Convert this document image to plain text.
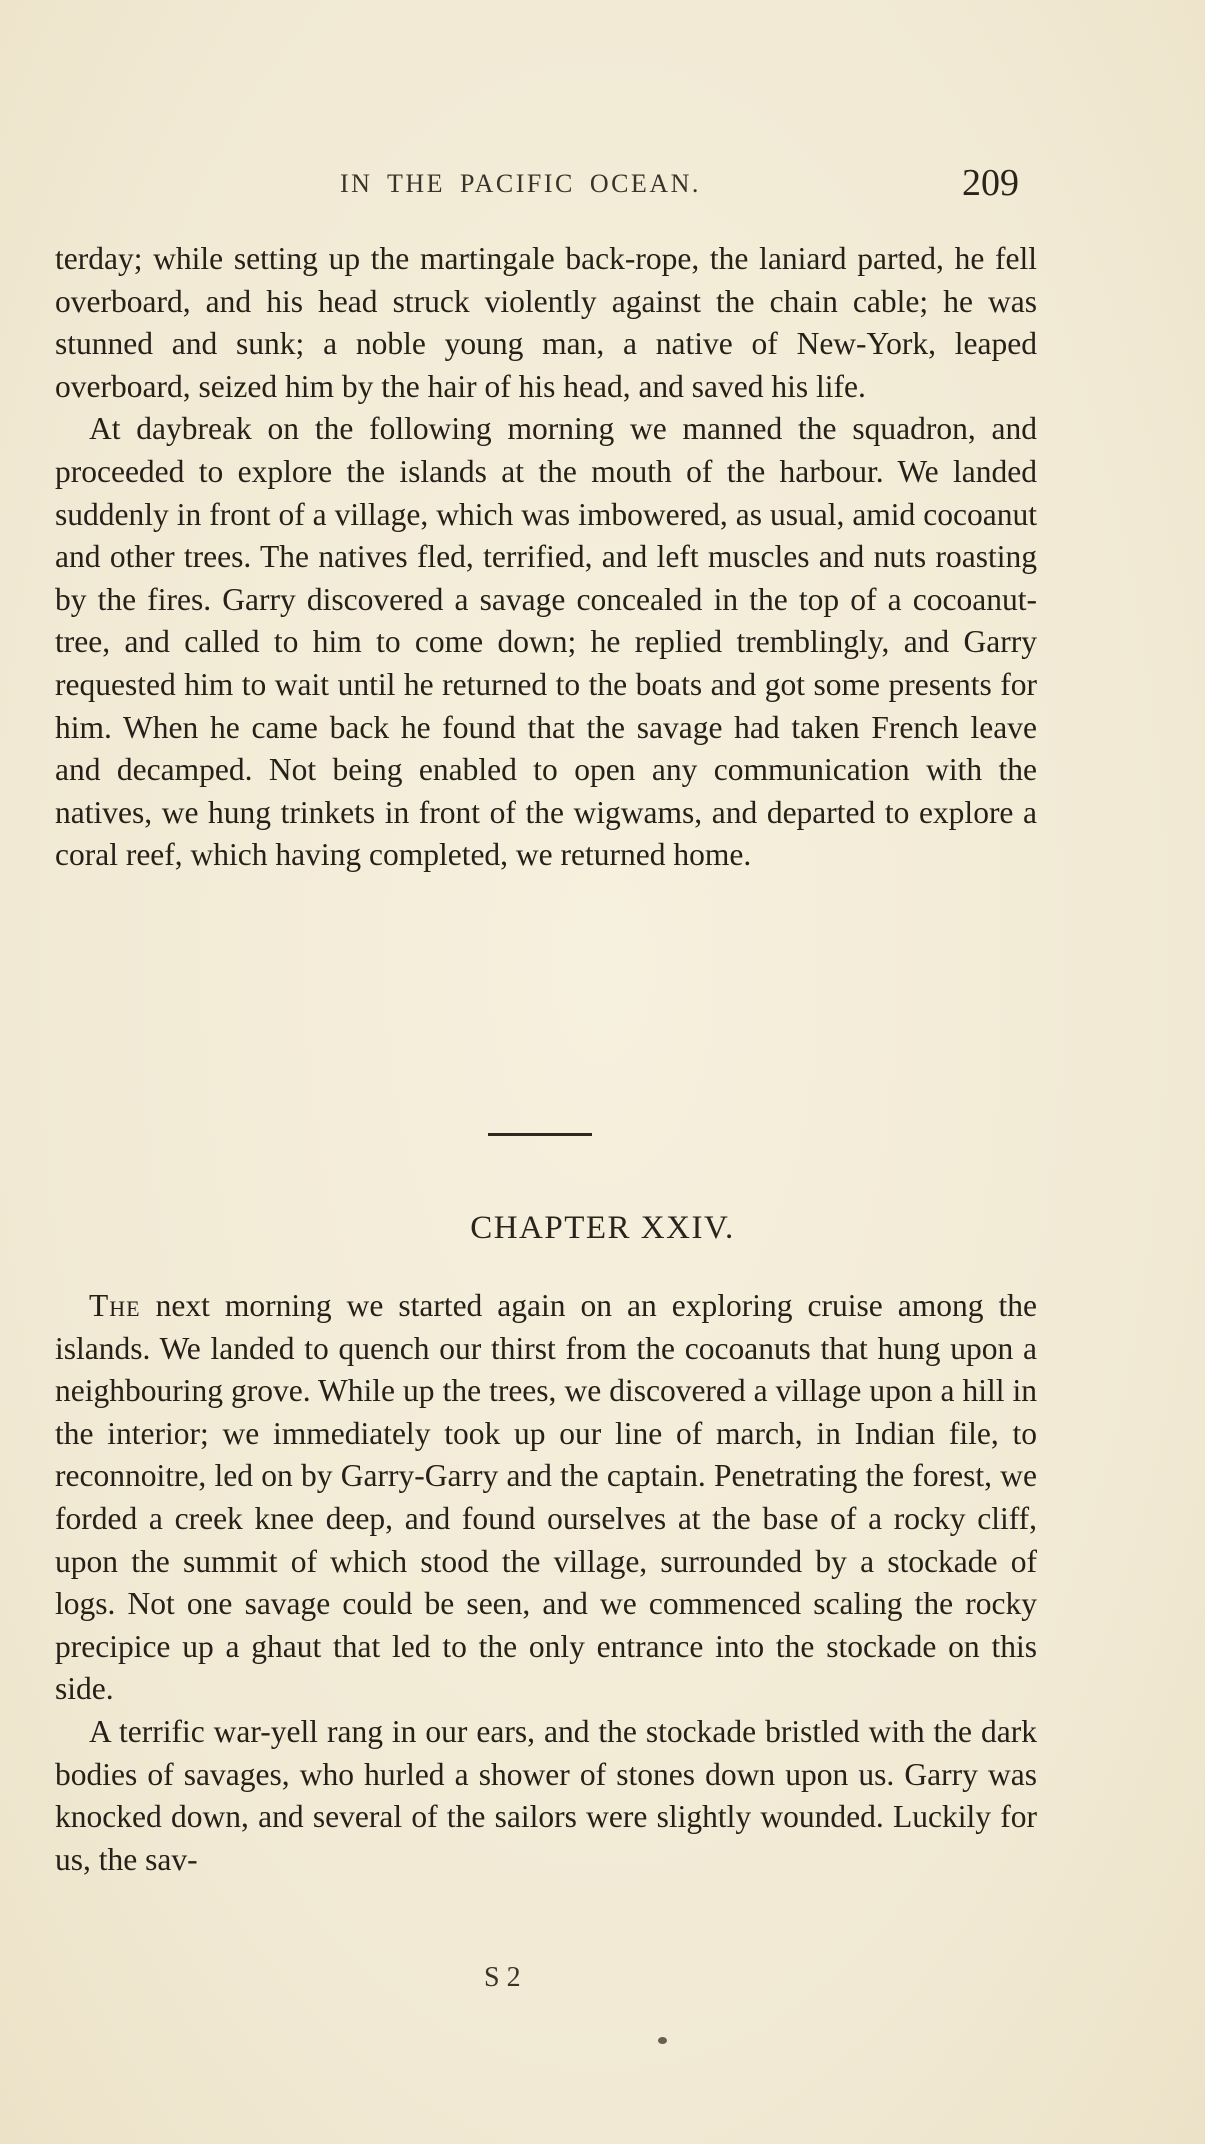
IN THE PACIFIC OCEAN.	209

terday; while setting up the martingale back-rope, the laniard parted, he fell overboard, and his head struck violently against the chain cable; he was stunned and sunk; a noble young man, a native of New-York, leaped overboard, seized him by the hair of his head, and saved his life.

At daybreak on the following morning we manned the squadron, and proceeded to explore the islands at the mouth of the harbour. We landed suddenly in front of a village, which was imbowered, as usual, amid cocoanut and other trees. The natives fled, terrified, and left muscles and nuts roasting by the fires. Garry discovered a savage concealed in the top of a cocoanut-tree, and called to him to come down; he replied tremblingly, and Garry requested him to wait until he returned to the boats and got some presents for him. When he came back he found that the savage had taken French leave and decamped. Not being enabled to open any communication with the natives, we hung trinkets in front of the wigwams, and departed to explore a coral reef, which having completed, we returned home.

CHAPTER XXIV.

The next morning we started again on an exploring cruise among the islands. We landed to quench our thirst from the cocoanuts that hung upon a neighbouring grove. While up the trees, we discovered a village upon a hill in the interior; we immediately took up our line of march, in Indian file, to reconnoitre, led on by Garry-Garry and the captain. Penetrating the forest, we forded a creek knee deep, and found ourselves at the base of a rocky cliff, upon the summit of which stood the village, surrounded by a stockade of logs. Not one savage could be seen, and we commenced scaling the rocky precipice up a ghaut that led to the only entrance into the stockade on this side.

A terrific war-yell rang in our ears, and the stockade bristled with the dark bodies of savages, who hurled a shower of stones down upon us. Garry was knocked down, and several of the sailors were slightly wounded. Luckily for us, the sav-

S 2
